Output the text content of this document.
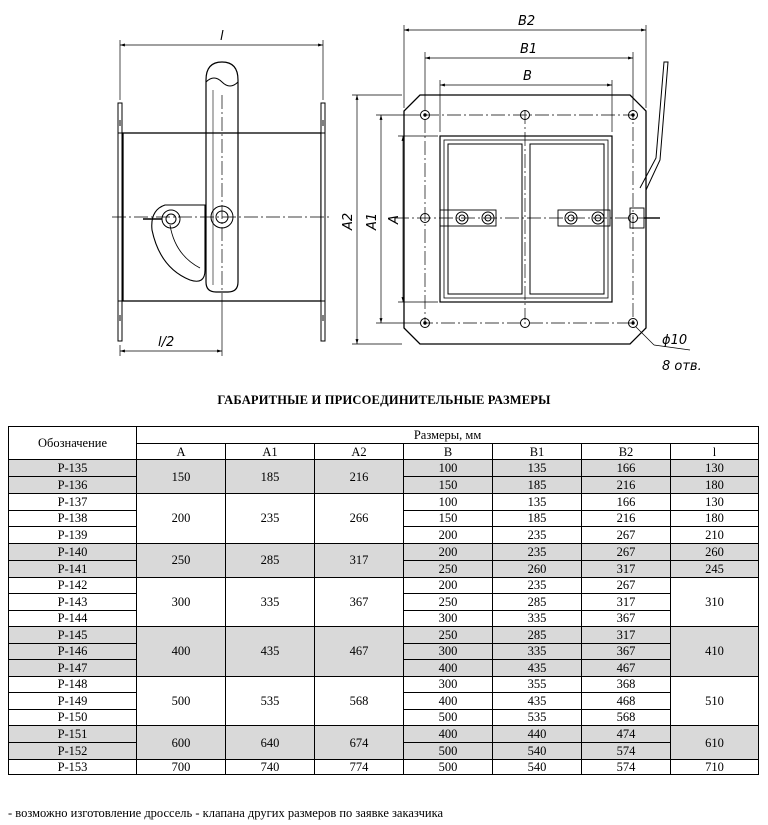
l
l/2
B2
B1
B
A2 A1 A
ϕ10
8 отв.
ГАБАРИТНЫЕ И ПРИСОЕДИНИТЕЛЬНЫЕ РАЗМЕРЫ
Обозначение	Размеры, мм						
	A	A1	A2	B	B1	B2	l
P-135	150	185	216	100	135	166	130
P-136				150	185	216	180
P-137	200	235	266	100	135	166	130
P-138				150	185	216	180
P-139				200	235	267	210
P-140	250	285	317	200	235	267	260
P-141				250	260	317	245
P-142	300	335	367	200	235	267	310
P-143				250	285	317	
P-144				300	335	367	
P-145	400	435	467	250	285	317	410
P-146				300	335	367	
P-147				400	435	467	
P-148	500	535	568	300	355	368	510
P-149				400	435	468	
P-150				500	535	568	
P-151	600	640	674	400	440	474	610
P-152				500	540	574	
P-153	700	740	774	500	540	574	710
- возможно изготовление дроссель - клапана других размеров по заявке заказчика
